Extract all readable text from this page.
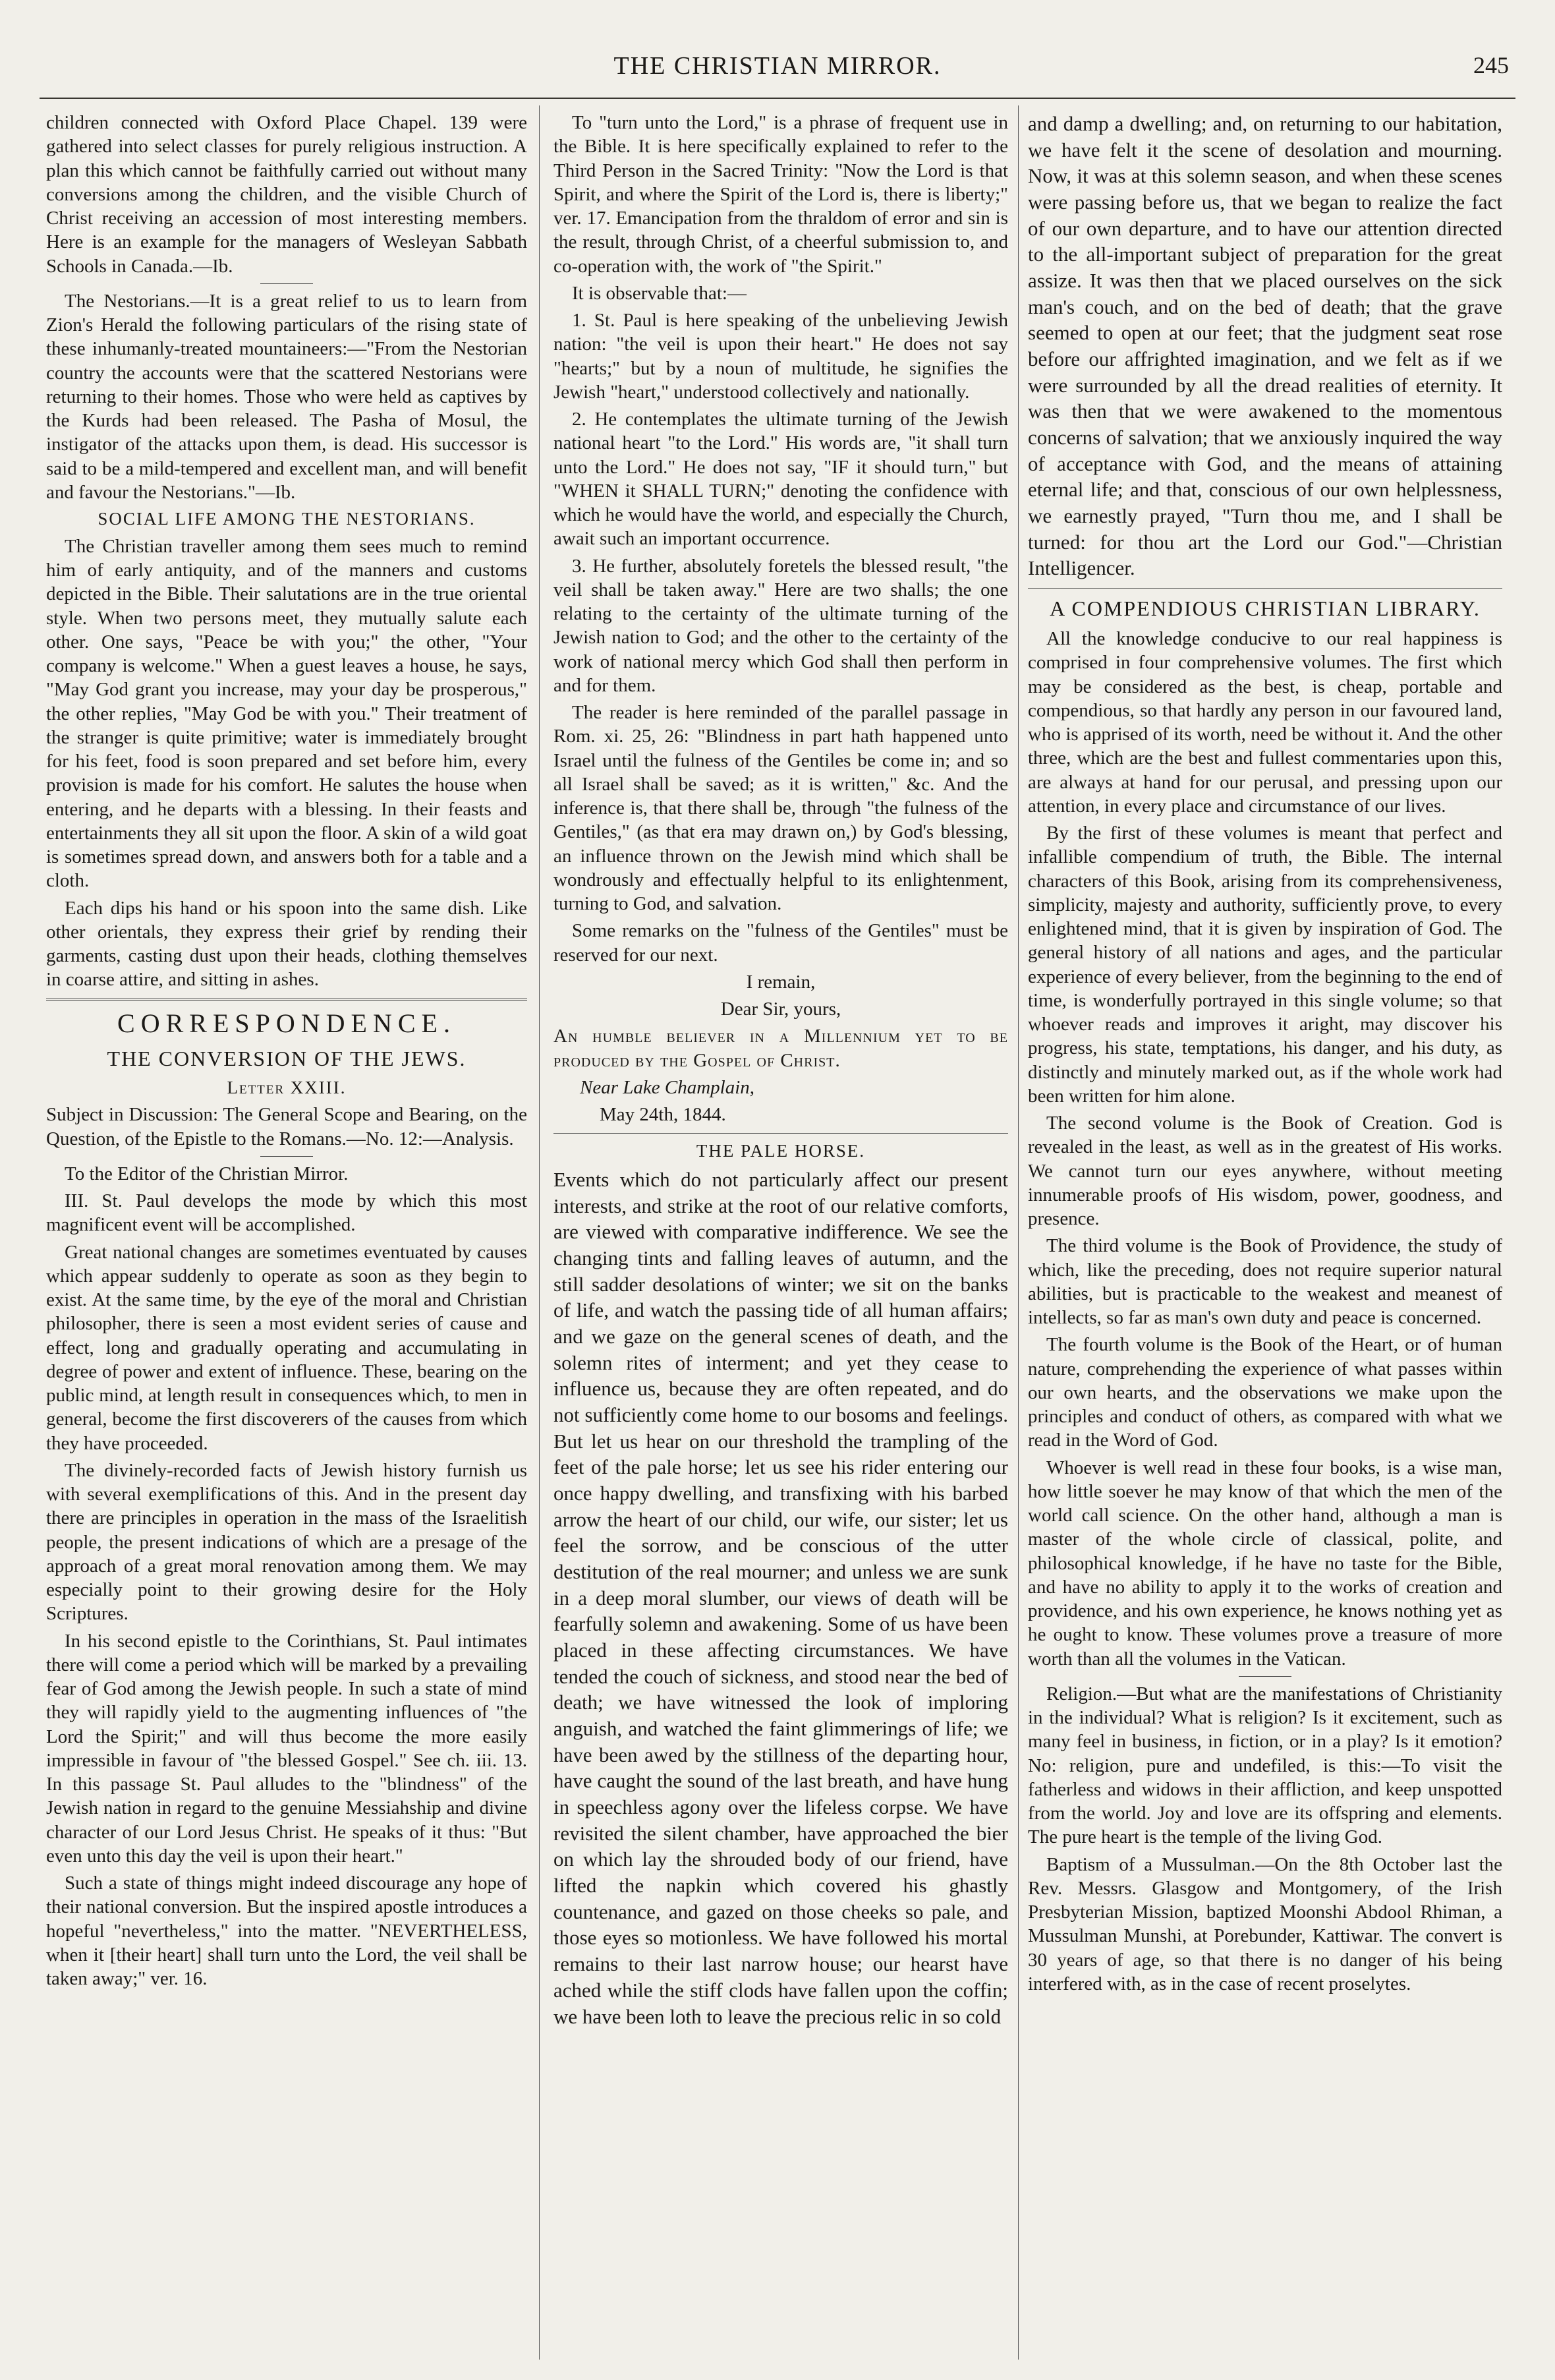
THE CHRISTIAN MIRROR.	245

children connected with Oxford Place Chapel. 139 were gathered into select classes for purely religious instruction. A plan this which cannot be faithfully carried out without many conversions among the children, and the visible Church of Christ receiving an accession of most interesting members. Here is an example for the managers of Wesleyan Sabbath Schools in Canada.—Ib.

The Nestorians.—It is a great relief to us to learn from Zion's Herald the following particulars of the rising state of these inhumanly-treated mountaineers:—"From the Nestorian country the accounts were that the scattered Nestorians were returning to their homes. Those who were held as captives by the Kurds had been released. The Pasha of Mosul, the instigator of the attacks upon them, is dead. His successor is said to be a mild-tempered and excellent man, and will benefit and favour the Nestorians."—Ib.

SOCIAL LIFE AMONG THE NESTORIANS.

The Christian traveller among them sees much to remind him of early antiquity, and of the manners and customs depicted in the Bible. Their salutations are in the true oriental style. When two persons meet, they mutually salute each other. One says, "Peace be with you;" the other, "Your company is welcome." When a guest leaves a house, he says, "May God grant you increase, may your day be prosperous," the other replies, "May God be with you." Their treatment of the stranger is quite primitive; water is immediately brought for his feet, food is soon prepared and set before him, every provision is made for his comfort. He salutes the house when entering, and he departs with a blessing. In their feasts and entertainments they all sit upon the floor. A skin of a wild goat is sometimes spread down, and answers both for a table and a cloth.

Each dips his hand or his spoon into the same dish. Like other orientals, they express their grief by rending their garments, casting dust upon their heads, clothing themselves in coarse attire, and sitting in ashes.

CORRESPONDENCE.
THE CONVERSION OF THE JEWS.
Letter XXIII.

Subject in Discussion: The General Scope and Bearing, on the Question, of the Epistle to the Romans.—No. 12:—Analysis.

To the Editor of the Christian Mirror.

III. St. Paul develops the mode by which this most magnificent event will be accomplished.

Great national changes are sometimes eventuated by causes which appear suddenly to operate as soon as they begin to exist. At the same time, by the eye of the moral and Christian philosopher, there is seen a most evident series of cause and effect, long and gradually operating and accumulating in degree of power and extent of influence. These, bearing on the public mind, at length result in consequences which, to men in general, become the first discoverers of the causes from which they have proceeded.

The divinely-recorded facts of Jewish history furnish us with several exemplifications of this. And in the present day there are principles in operation in the mass of the Israelitish people, the present indications of which are a presage of the approach of a great moral renovation among them. We may especially point to their growing desire for the Holy Scriptures.

In his second epistle to the Corinthians, St. Paul intimates there will come a period which will be marked by a prevailing fear of God among the Jewish people. In such a state of mind they will rapidly yield to the augmenting influences of "the Lord the Spirit;" and will thus become the more easily impressible in favour of "the blessed Gospel." See ch. iii. 13. In this passage St. Paul alludes to the "blindness" of the Jewish nation in regard to the genuine Messiahship and divine character of our Lord Jesus Christ. He speaks of it thus: "But even unto this day the veil is upon their heart."

Such a state of things might indeed discourage any hope of their national conversion. But the inspired apostle introduces a hopeful "nevertheless," into the matter. "NEVERTHELESS, when it [their heart] shall turn unto the Lord, the veil shall be taken away;" ver. 16.

To "turn unto the Lord," is a phrase of frequent use in the Bible. It is here specifically explained to refer to the Third Person in the Sacred Trinity: "Now the Lord is that Spirit, and where the Spirit of the Lord is, there is liberty;" ver. 17. Emancipation from the thraldom of error and sin is the result, through Christ, of a cheerful submission to, and co-operation with, the work of "the Spirit."

It is observable that:—

1. St. Paul is here speaking of the unbelieving Jewish nation: "the veil is upon their heart." He does not say "hearts;" but by a noun of multitude, he signifies the Jewish "heart," understood collectively and nationally.

2. He contemplates the ultimate turning of the Jewish national heart "to the Lord." His words are, "it shall turn unto the Lord." He does not say, "IF it should turn," but "WHEN it SHALL TURN;" denoting the confidence with which he would have the world, and especially the Church, await such an important occurrence.

3. He further, absolutely foretels the blessed result, "the veil shall be taken away." Here are two shalls; the one relating to the certainty of the ultimate turning of the Jewish nation to God; and the other to the certainty of the work of national mercy which God shall then perform in and for them.

The reader is here reminded of the parallel passage in Rom. xi. 25, 26: "Blindness in part hath happened unto Israel until the fulness of the Gentiles be come in; and so all Israel shall be saved; as it is written," &c. And the inference is, that there shall be, through "the fulness of the Gentiles," (as that era may drawn on,) by God's blessing, an influence thrown on the Jewish mind which shall be wondrously and effectually helpful to its enlightenment, turning to God, and salvation.

Some remarks on the "fulness of the Gentiles" must be reserved for our next.

I remain,

Dear Sir, yours,

An humble believer in a Millennium yet to be produced by the Gospel of Christ.

Near Lake Champlain,

May 24th, 1844.

THE PALE HORSE.

Events which do not particularly affect our present interests, and strike at the root of our relative comforts, are viewed with comparative indifference. We see the changing tints and falling leaves of autumn, and the still sadder desolations of winter; we sit on the banks of life, and watch the passing tide of all human affairs; and we gaze on the general scenes of death, and the solemn rites of interment; and yet they cease to influence us, because they are often repeated, and do not sufficiently come home to our bosoms and feelings. But let us hear on our threshold the trampling of the feet of the pale horse; let us see his rider entering our once happy dwelling, and transfixing with his barbed arrow the heart of our child, our wife, our sister; let us feel the sorrow, and be conscious of the utter destitution of the real mourner; and unless we are sunk in a deep moral slumber, our views of death will be fearfully solemn and awakening. Some of us have been placed in these affecting circumstances. We have tended the couch of sickness, and stood near the bed of death; we have witnessed the look of imploring anguish, and watched the faint glimmerings of life; we have been awed by the stillness of the departing hour, have caught the sound of the last breath, and have hung in speechless agony over the lifeless corpse. We have revisited the silent chamber, have approached the bier on which lay the shrouded body of our friend, have lifted the napkin which covered his ghastly countenance, and gazed on those cheeks so pale, and those eyes so motionless. We have followed his mortal remains to their last narrow house; our hearst have ached while the stiff clods have fallen upon the coffin; we have been loth to leave the precious relic in so cold

and damp a dwelling; and, on returning to our habitation, we have felt it the scene of desolation and mourning. Now, it was at this solemn season, and when these scenes were passing before us, that we began to realize the fact of our own departure, and to have our attention directed to the all-important subject of preparation for the great assize. It was then that we placed ourselves on the sick man's couch, and on the bed of death; that the grave seemed to open at our feet; that the judgment seat rose before our affrighted imagination, and we felt as if we were surrounded by all the dread realities of eternity. It was then that we were awakened to the momentous concerns of salvation; that we anxiously inquired the way of acceptance with God, and the means of attaining eternal life; and that, conscious of our own helplessness, we earnestly prayed, "Turn thou me, and I shall be turned: for thou art the Lord our God."—Christian Intelligencer.

A COMPENDIOUS CHRISTIAN LIBRARY.

All the knowledge conducive to our real happiness is comprised in four comprehensive volumes. The first which may be considered as the best, is cheap, portable and compendious, so that hardly any person in our favoured land, who is apprised of its worth, need be without it. And the other three, which are the best and fullest commentaries upon this, are always at hand for our perusal, and pressing upon our attention, in every place and circumstance of our lives.

By the first of these volumes is meant that perfect and infallible compendium of truth, the Bible. The internal characters of this Book, arising from its comprehensiveness, simplicity, majesty and authority, sufficiently prove, to every enlightened mind, that it is given by inspiration of God. The general history of all nations and ages, and the particular experience of every believer, from the beginning to the end of time, is wonderfully portrayed in this single volume; so that whoever reads and improves it aright, may discover his progress, his state, temptations, his danger, and his duty, as distinctly and minutely marked out, as if the whole work had been written for him alone.

The second volume is the Book of Creation. God is revealed in the least, as well as in the greatest of His works. We cannot turn our eyes anywhere, without meeting innumerable proofs of His wisdom, power, goodness, and presence.

The third volume is the Book of Providence, the study of which, like the preceding, does not require superior natural abilities, but is practicable to the weakest and meanest of intellects, so far as man's own duty and peace is concerned.

The fourth volume is the Book of the Heart, or of human nature, comprehending the experience of what passes within our own hearts, and the observations we make upon the principles and conduct of others, as compared with what we read in the Word of God.

Whoever is well read in these four books, is a wise man, how little soever he may know of that which the men of the world call science. On the other hand, although a man is master of the whole circle of classical, polite, and philosophical knowledge, if he have no taste for the Bible, and have no ability to apply it to the works of creation and providence, and his own experience, he knows nothing yet as he ought to know. These volumes prove a treasure of more worth than all the volumes in the Vatican.

Religion.—But what are the manifestations of Christianity in the individual? What is religion? Is it excitement, such as many feel in business, in fiction, or in a play? Is it emotion? No: religion, pure and undefiled, is this:—To visit the fatherless and widows in their affliction, and keep unspotted from the world. Joy and love are its offspring and elements. The pure heart is the temple of the living God.

Baptism of a Mussulman.—On the 8th October last the Rev. Messrs. Glasgow and Montgomery, of the Irish Presbyterian Mission, baptized Moonshi Abdool Rhiman, a Mussulman Munshi, at Porebunder, Kattiwar. The convert is 30 years of age, so that there is no danger of his being interfered with, as in the case of recent proselytes.
